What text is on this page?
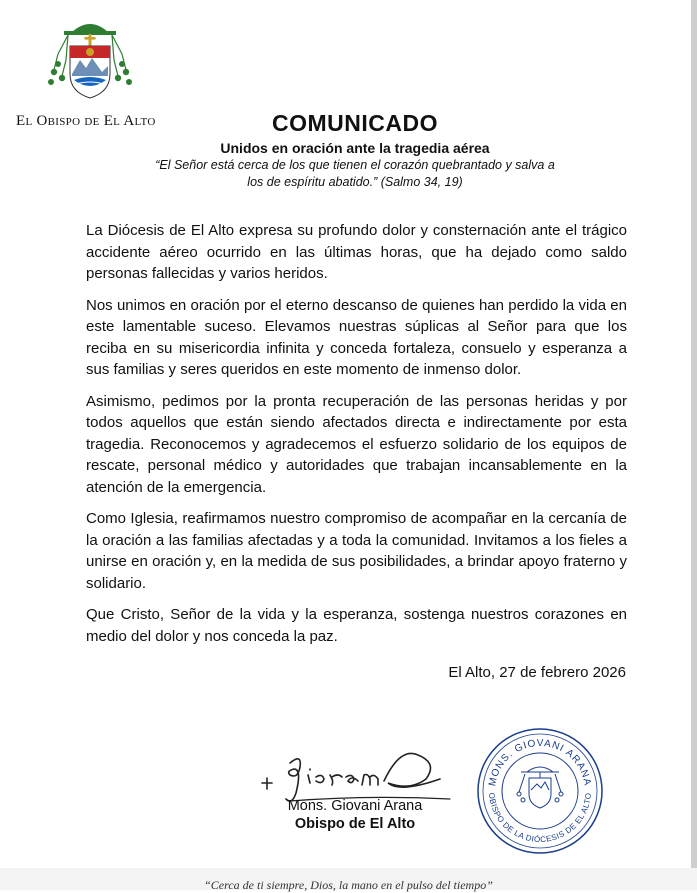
El Obispo de El Alto	COMUNICADO
Unidos en oración ante la tragedia aérea
“El Señor está cerca de los que tienen el corazón quebrantado y salva a los de espíritu abatido.” (Salmo 34, 19)

La Diócesis de El Alto expresa su profundo dolor y consternación ante el trágico accidente aéreo ocurrido en las últimas horas, que ha dejado como saldo personas fallecidas y varios heridos.

Nos unimos en oración por el eterno descanso de quienes han perdido la vida en este lamentable suceso. Elevamos nuestras súplicas al Señor para que los reciba en su misericordia infinita y conceda fortaleza, consuelo y esperanza a sus familias y seres queridos en este momento de inmenso dolor.

Asimismo, pedimos por la pronta recuperación de las personas heridas y por todos aquellos que están siendo afectados directa e indirectamente por esta tragedia. Reconocemos y agradecemos el esfuerzo solidario de los equipos de rescate, personal médico y autoridades que trabajan incansablemente en la atención de la emergencia.

Como Iglesia, reafirmamos nuestro compromiso de acompañar en la cercanía de la oración a las familias afectadas y a toda la comunidad. Invitamos a los fieles a unirse en oración y, en la medida de sus posibilidades, a brindar apoyo fraterno y solidario.

Que Cristo, Señor de la vida y la esperanza, sostenga nuestros corazones en medio del dolor y nos conceda la paz.

El Alto, 27 de febrero 2026
Mons. Giovani Arana
Obispo de El Alto
MONS. GIOVANI ARANA
OBISPO DE LA DIÓCESIS DE EL ALTO
“Cerca de ti siempre, Dios, la mano en el pulso del tiempo”
